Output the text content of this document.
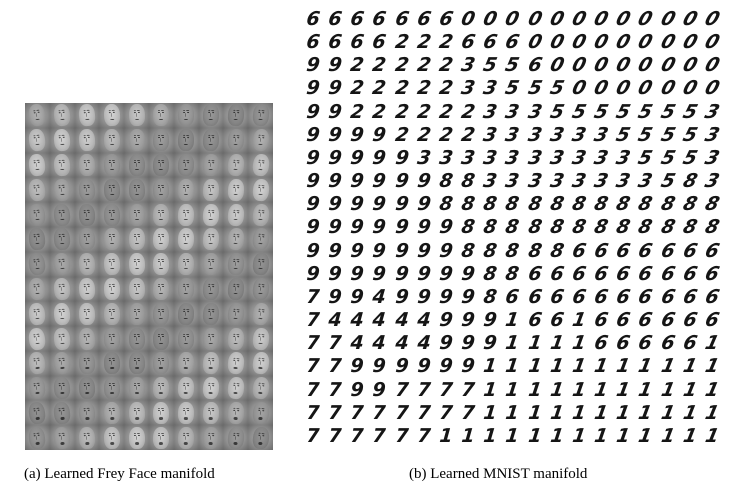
6 6 6 6 6 6 6 0 0 0 0 0 0 0 0 0 0 0 0
6 6 6 6 2 2 2 6 6 6 0 0 0 0 0 0 0 0 0
9 9 2 2 2 2 2 3 5 5 6 0 0 0 0 0 0 0 0
9 9 2 2 2 2 2 3 3 5 5 5 0 0 0 0 0 0 0
9 9 2 2 2 2 2 2 3 3 3 5 5 5 5 5 5 5 3
9 9 9 9 2 2 2 2 3 3 3 3 3 3 5 5 5 5 3
9 9 9 9 9 3 3 3 3 3 3 3 3 3 3 5 5 5 3
9 9 9 9 9 9 8 8 3 3 3 3 3 3 3 3 5 8 3
9 9 9 9 9 9 8 8 8 8 8 8 8 8 8 8 8 8 8
9 9 9 9 9 9 9 8 8 8 8 8 8 8 8 8 8 8 8
9 9 9 9 9 9 9 8 8 8 8 8 6 6 6 6 6 6 6
9 9 9 9 9 9 9 9 8 8 6 6 6 6 6 6 6 6 6
7 9 9 4 9 9 9 9 8 6 6 6 6 6 6 6 6 6 6
7 4 4 4 4 4 9 9 9 1 6 6 1 6 6 6 6 6 6
7 7 4 4 4 4 9 9 9 1 1 1 1 6 6 6 6 6 1
7 7 9 9 9 9 9 9 1 1 1 1 1 1 1 1 1 1 1
7 7 9 9 7 7 7 7 1 1 1 1 1 1 1 1 1 1 1
7 7 7 7 7 7 7 7 1 1 1 1 1 1 1 1 1 1 1
7 7 7 7 7 7 1 1 1 1 1 1 1 1 1 1 1 1 1
(a) Learned Frey Face manifold	(b) Learned MNIST manifold
